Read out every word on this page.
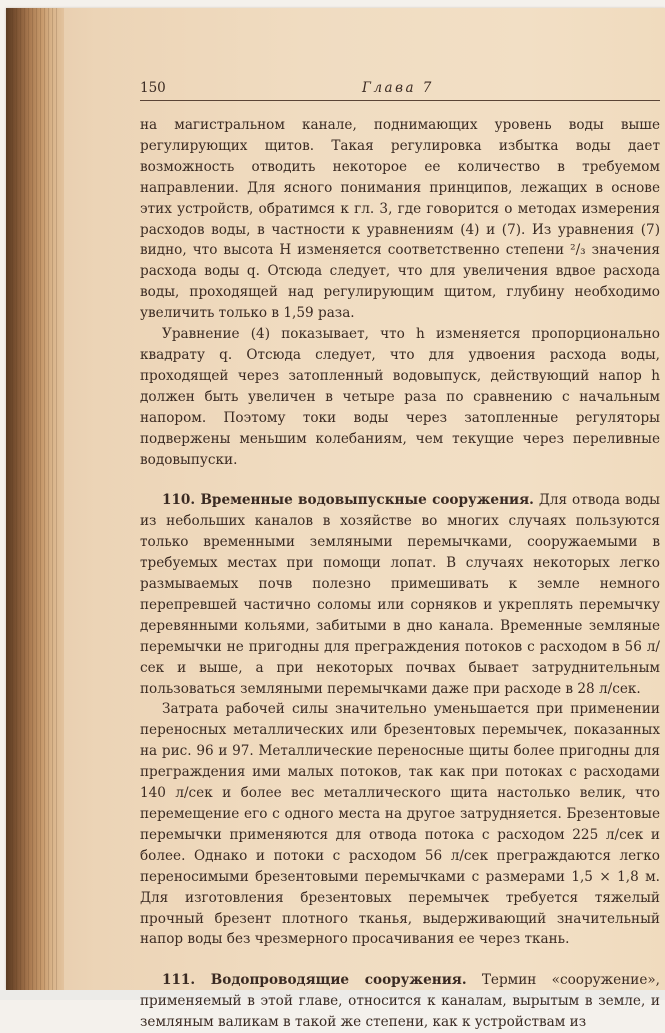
150	Глава 7

на магистральном канале, поднимающих уровень воды выше регулирующих щитов. Такая регулировка избытка воды дает возможность отводить некоторое ее количество в требуемом направлении. Для ясного понимания принципов, лежащих в основе этих устройств, обратимся к гл. 3, где говорится о методах измерения расходов воды, в частности к уравнениям (4) и (7). Из уравнения (7) видно, что высота H изменяется соответственно степени ²/₃ значения расхода воды q. Отсюда следует, что для увеличения вдвое расхода воды, проходящей над регулирующим щитом, глубину необходимо увеличить только в 1,59 раза.

Уравнение (4) показывает, что h изменяется пропорционально квадрату q. Отсюда следует, что для удвоения расхода воды, проходящей через затопленный водовыпуск, действующий напор h должен быть увеличен в четыре раза по сравнению с начальным напором. Поэтому токи воды через затопленные регуляторы подвержены меньшим колебаниям, чем текущие через переливные водовыпуски.

110. Временные водовыпускные сооружения. Для отвода воды из небольших каналов в хозяйстве во многих случаях пользуются только временными земляными перемычками, сооружаемыми в требуемых местах при помощи лопат. В случаях некоторых легко размываемых почв полезно примешивать к земле немного перепревшей частично соломы или сорняков и укреплять перемычку деревянными кольями, забитыми в дно канала. Временные земляные перемычки не пригодны для преграждения потоков с расходом в 56 л/сек и выше, а при некоторых почвах бывает затруднительным пользоваться земляными перемычками даже при расходе в 28 л/сек.

Затрата рабочей силы значительно уменьшается при применении переносных металлических или брезентовых перемычек, показанных на рис. 96 и 97. Металлические переносные щиты более пригодны для преграждения ими малых потоков, так как при потоках с расходами 140 л/сек и более вес металлического щита настолько велик, что перемещение его с одного места на другое затрудняется. Брезентовые перемычки применяются для отвода потока с расходом 225 л/сек и более. Однако и потоки с расходом 56 л/сек преграждаются легко переносимыми брезентовыми перемычками с размерами 1,5 × 1,8 м. Для изготовления брезентовых перемычек требуется тяжелый прочный брезент плотного тканья, выдерживающий значительный напор воды без чрезмерного просачивания ее через ткань.

111. Водопроводящие сооружения. Термин «сооружение», применяемый в этой главе, относится к каналам, вырытым в земле, и земляным валикам в такой же степени, как к устройствам из
